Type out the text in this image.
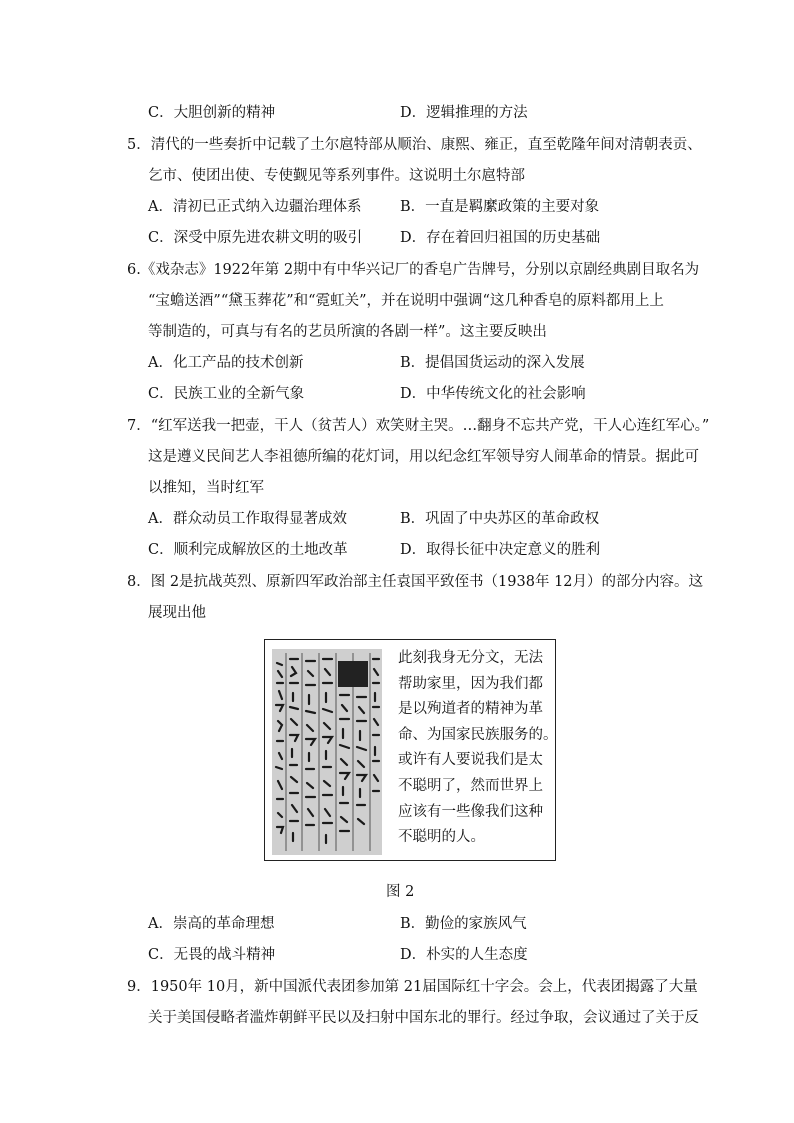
C．大胆创新的精神	D．逻辑推理的方法
5．清代的一些奏折中记载了土尔扈特部从顺治、康熙、雍正，直至乾隆年间对清朝表贡、
乞市、使团出使、专使觐见等系列事件。这说明土尔扈特部
A．清初已正式纳入边疆治理体系	B．一直是羁縻政策的主要对象
C．深受中原先进农耕文明的吸引	D．存在着回归祖国的历史基础
6.《戏杂志》1922年第 2期中有中华兴记厂的香皂广告牌号，分别以京剧经典剧目取名为
“宝蟾送酒”“黛玉葬花”和“霓虹关”，并在说明中强调“这几种香皂的原料都用上上
等制造的，可真与有名的艺员所演的各剧一样”。这主要反映出
A．化工产品的技术创新	B．提倡国货运动的深入发展
C．民族工业的全新气象	D．中华传统文化的社会影响
7．“红军送我一把壶，干人（贫苦人）欢笑财主哭。…翻身不忘共产党，干人心连红军心。”
这是遵义民间艺人李祖德所编的花灯词，用以纪念红军领导穷人闹革命的情景。据此可
以推知，当时红军
A．群众动员工作取得显著成效	B．巩固了中央苏区的革命政权
C．顺利完成解放区的土地改革	D．取得长征中决定意义的胜利
8．图 2是抗战英烈、原新四军政治部主任袁国平致侄书（1938年 12月）的部分内容。这
展现出他
此刻我身无分文，无法
帮助家里，因为我们都
是以殉道者的精神为革
命、为国家民族服务的。
或许有人要说我们是太
不聪明了，然而世界上
应该有一些像我们这种
不聪明的人。
图 2
A．崇高的革命理想	B．勤俭的家族风气
C．无畏的战斗精神	D．朴实的人生态度
9．1950年 10月，新中国派代表团参加第 21届国际红十字会。会上，代表团揭露了大量
关于美国侵略者滥炸朝鲜平民以及扫射中国东北的罪行。经过争取，会议通过了关于反
